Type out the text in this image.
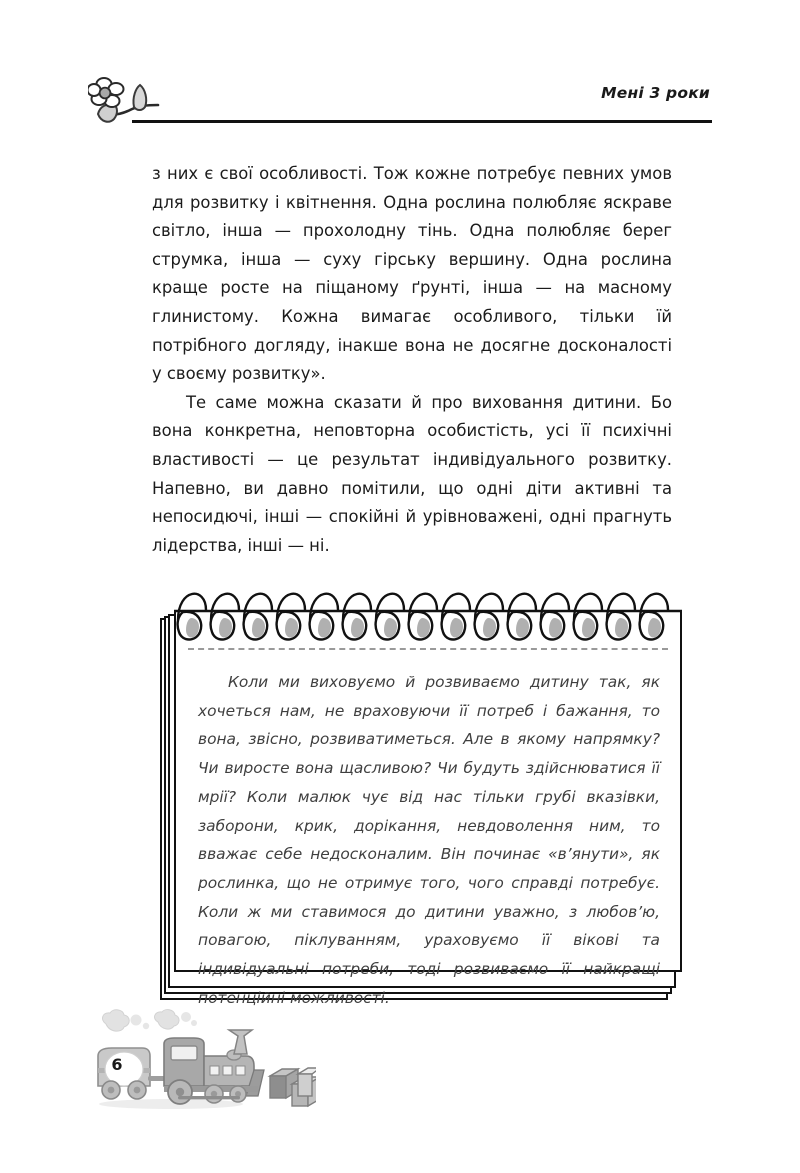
Мені 3 роки

з них є свої особливості. Тож кожне потребує певних умов для розвитку і квітнення. Одна рослина полюбляє яскраве світло, інша — прохолодну тінь. Одна полюбляє берег струмка, інша — суху гірську вершину. Одна рослина краще росте на піщаному ґрунті, інша — на масному глинистому. Кожна вимагає особливого, тільки їй потрібного догляду, інакше вона не досягне досконалості у своєму розвитку».

Те саме можна сказати й про виховання дитини. Бо вона конкретна, неповторна особистість, усі її психічні властивості — це результат індивідуального розвитку. Напевно, ви давно помітили, що одні діти активні та непосидючі, інші — спокійні й урівноважені, одні прагнуть лідерства, інші — ні.

Коли ми виховуємо й розвиваємо дитину так, як хочеться нам, не враховуючи її потреб і бажання, то вона, звісно, розвиватиметься. Але в якому напрямку? Чи виросте вона щасливою? Чи будуть здійснюватися її мрії? Коли малюк чує від нас тільки грубі вказівки, заборони, крик, дорікання, невдоволення ним, то вважає себе недосконалим. Він починає «в’янути», як рослинка, що не отримує того, чого справді потребує. Коли ж ми ставимося до дитини уважно, з любов’ю, повагою, піклуванням, ураховуємо її вікові та індивідуальні потреби, тоді розвиваємо її найкращі потенційні можливості.
6
